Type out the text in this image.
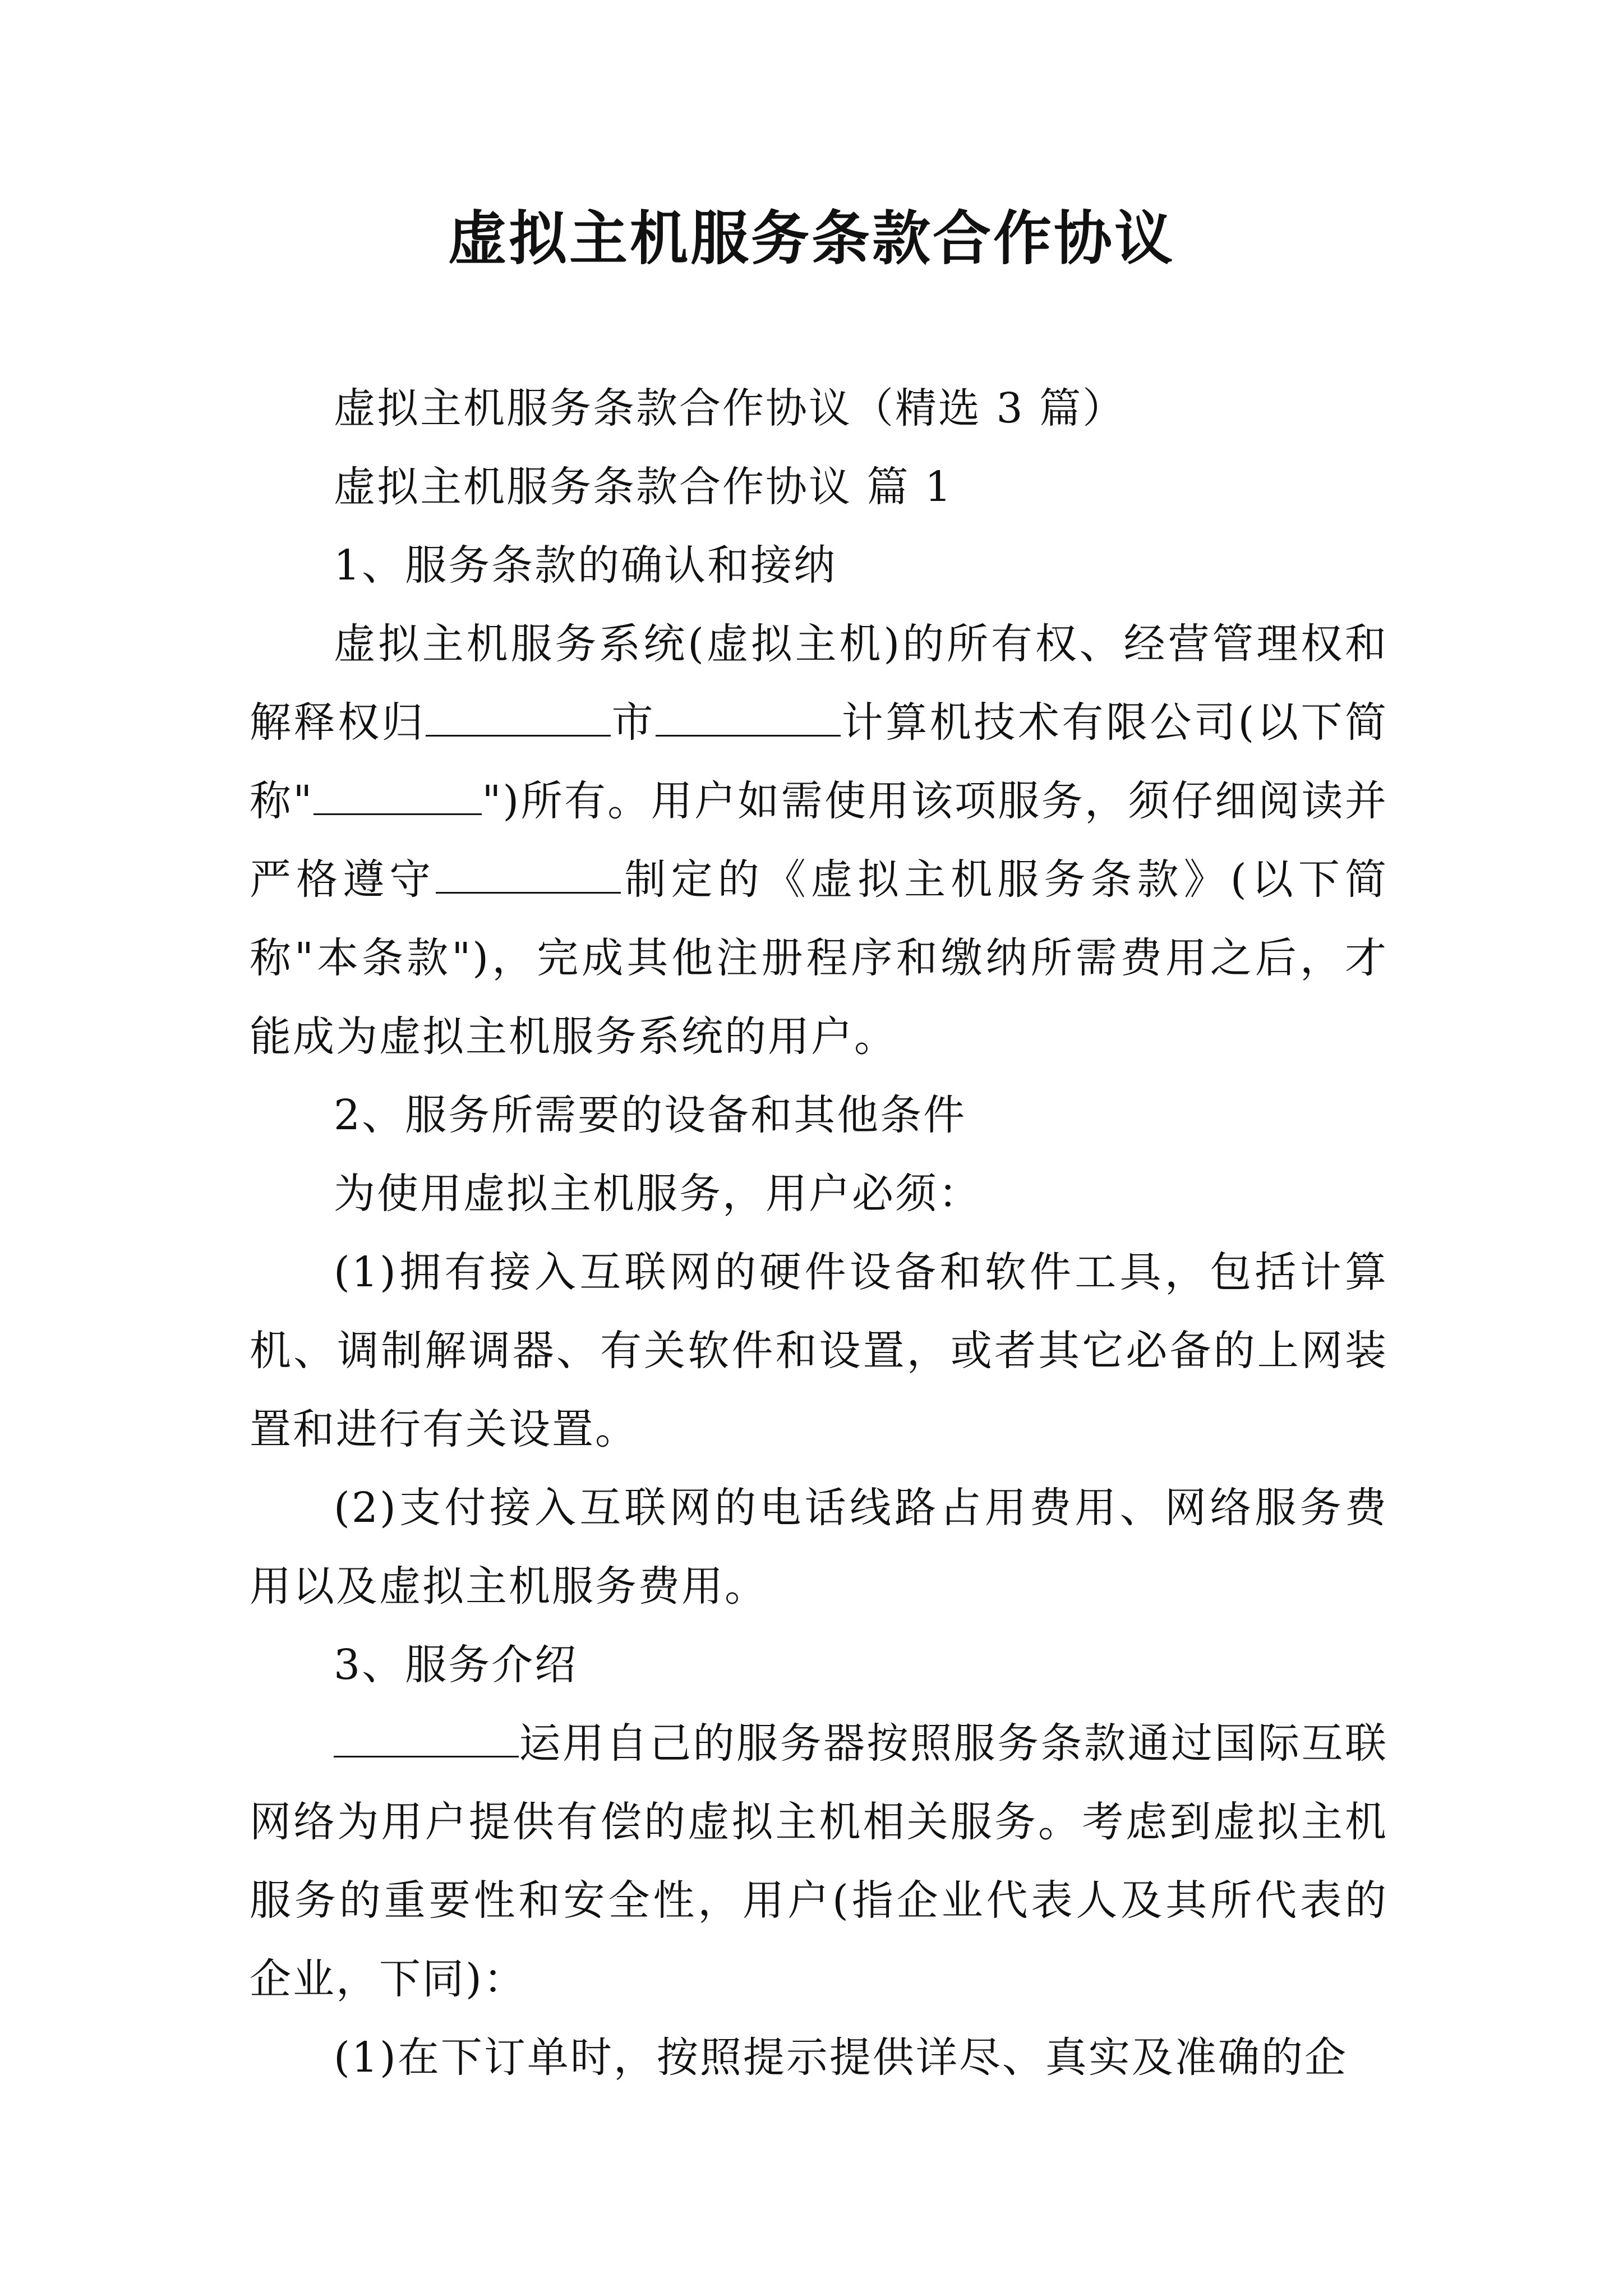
虚拟主机服务条款合作协议

虚拟主机服务条款合作协议（精选 3 篇）

虚拟主机服务条款合作协议 篇 1

1、服务条款的确认和接纳

虚拟主机服务系统(虚拟主机)的所有权、经营管理权和解释权归	市	计算机技术有限公司(以下简称"	")所有。用户如需使用该项服务，须仔细阅读并严格遵守	制定的《虚拟主机服务条款》(以下简称"本条款")，完成其他注册程序和缴纳所需费用之后，才能成为虚拟主机服务系统的用户。

2、服务所需要的设备和其他条件

为使用虚拟主机服务，用户必须：

(1)拥有接入互联网的硬件设备和软件工具，包括计算机、调制解调器、有关软件和设置，或者其它必备的上网装置和进行有关设置。

(2)支付接入互联网的电话线路占用费用、网络服务费用以及虚拟主机服务费用。

3、服务介绍

运用自己的服务器按照服务条款通过国际互联网络为用户提供有偿的虚拟主机相关服务。考虑到虚拟主机服务的重要性和安全性，用户(指企业代表人及其所代表的企业，下同)：

(1)在下订单时，按照提示提供详尽、真实及准确的企
